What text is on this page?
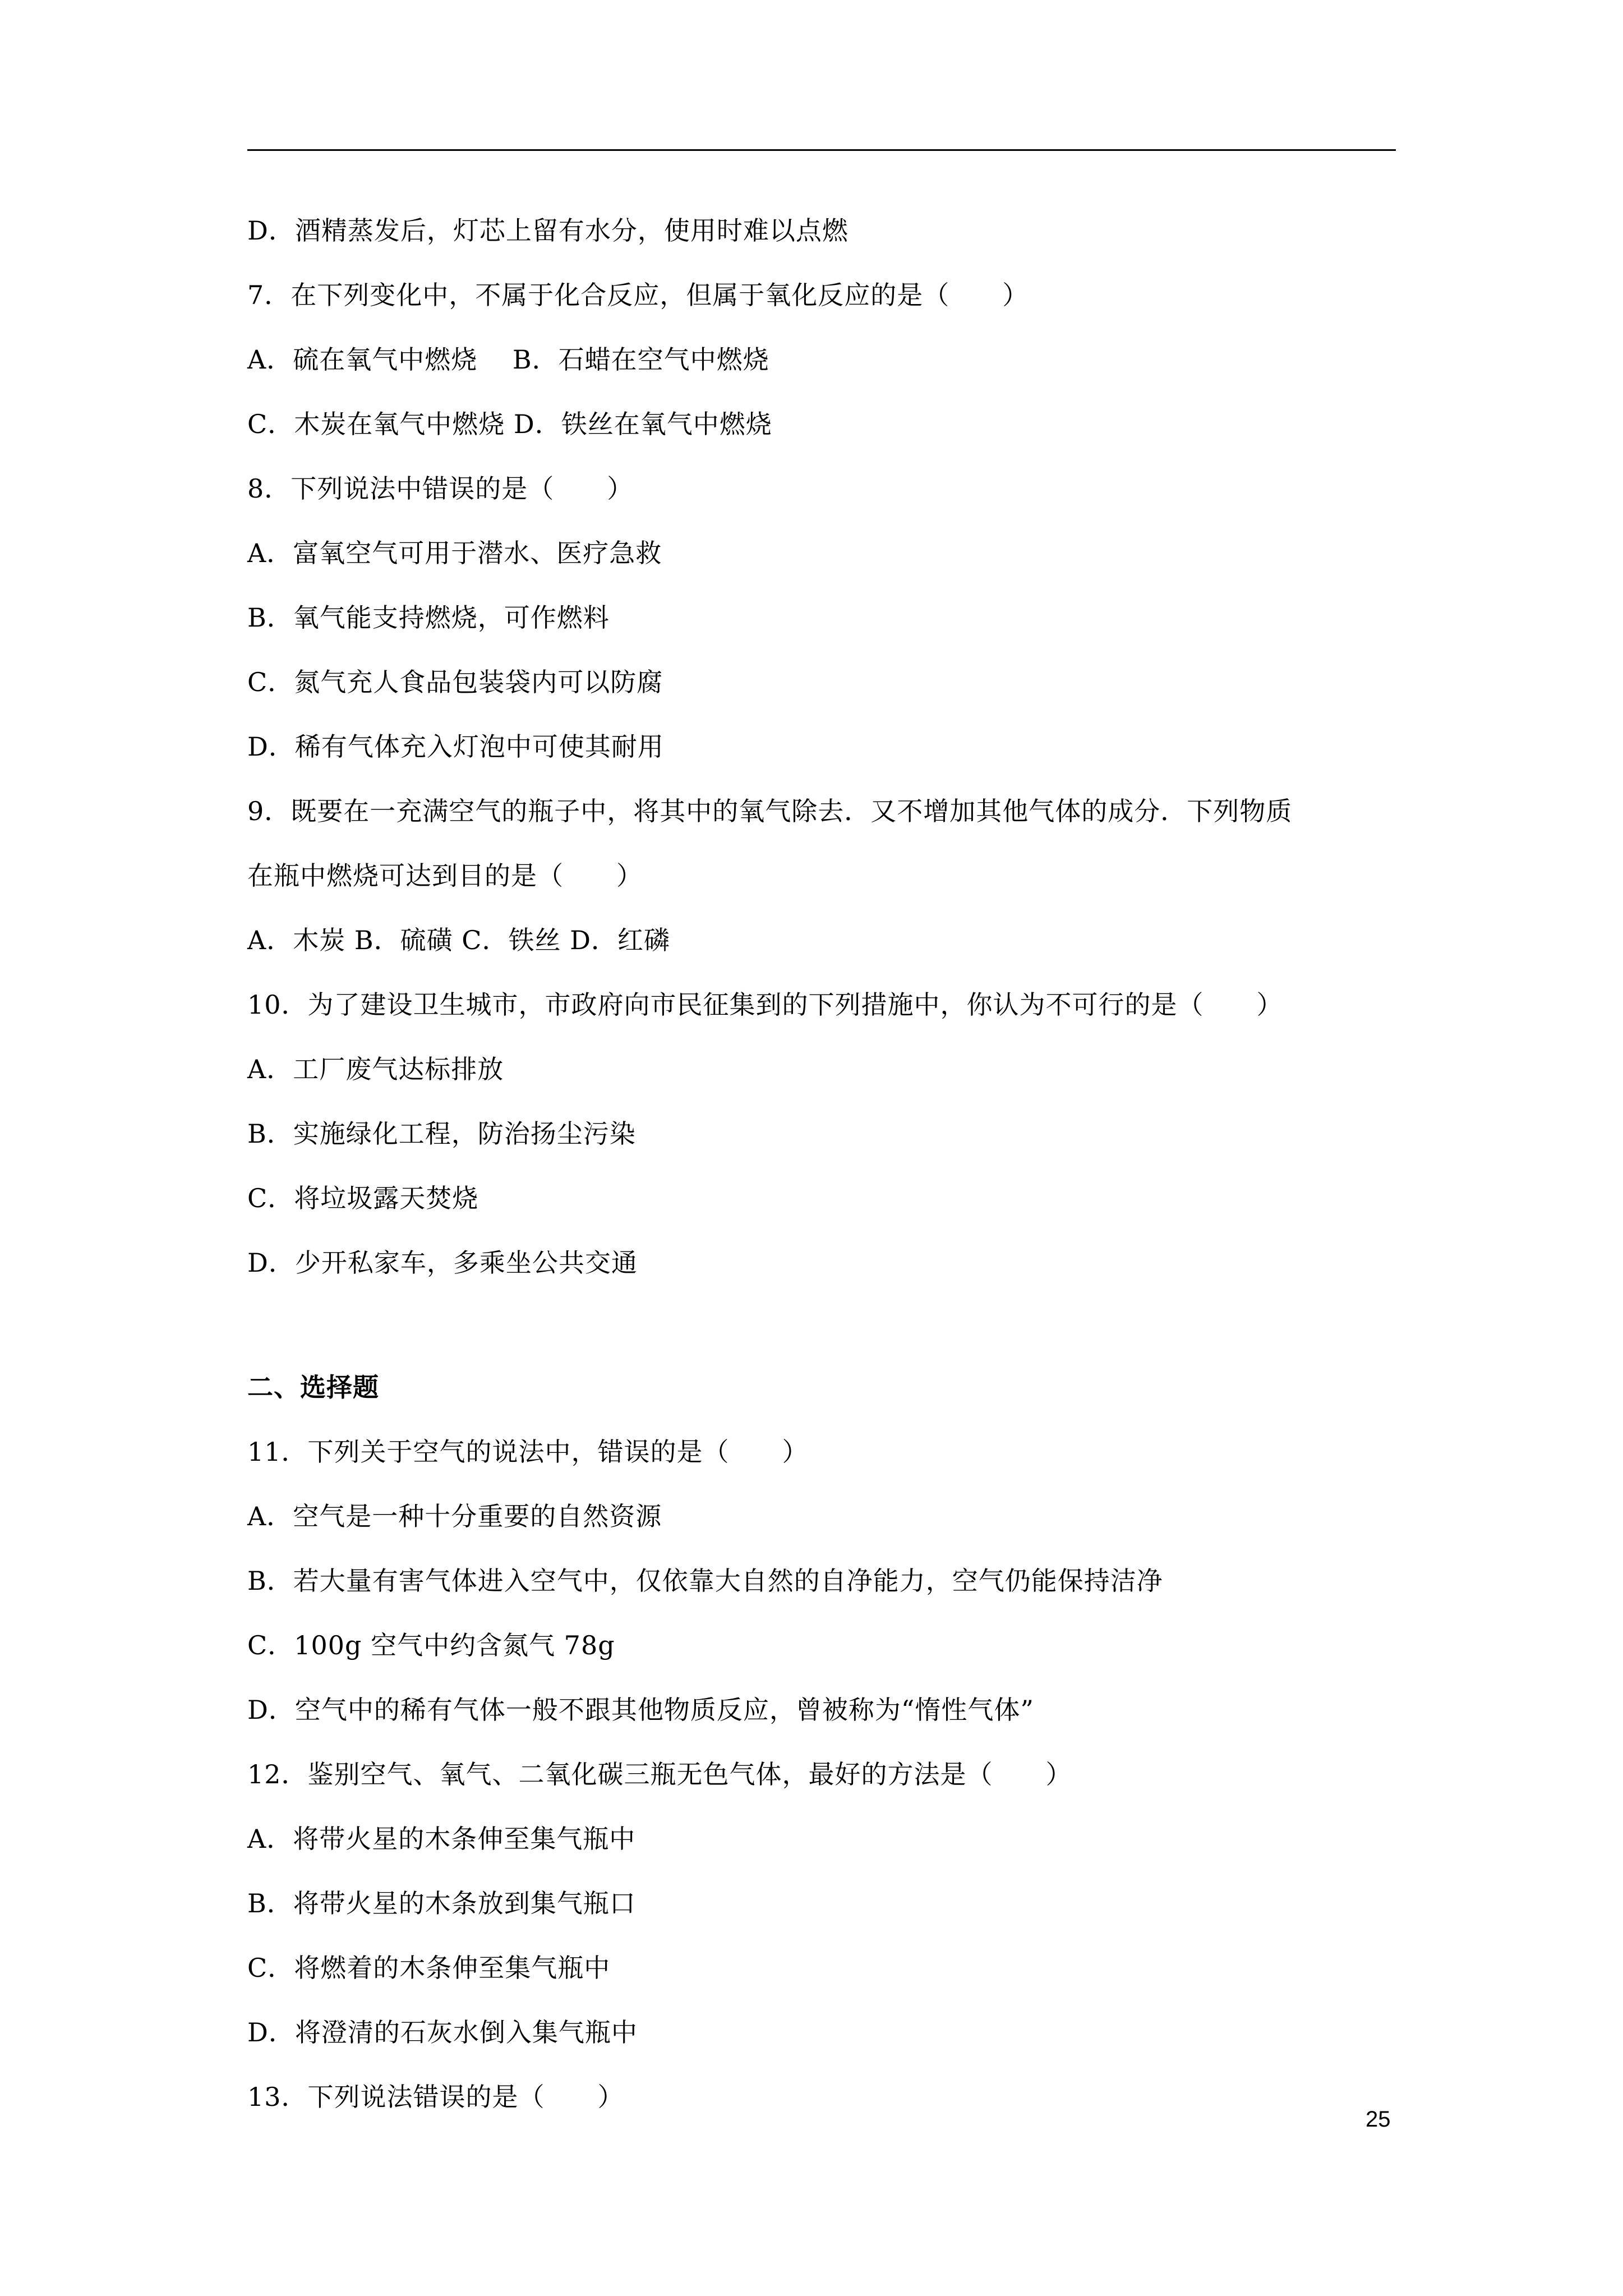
D．酒精蒸发后，灯芯上留有水分，使用时难以点燃
7．在下列变化中，不属于化合反应，但属于氧化反应的是（　　）
A．硫在氧气中燃烧　 B．石蜡在空气中燃烧
C．木炭在氧气中燃烧 D．铁丝在氧气中燃烧
8．下列说法中错误的是（　　）
A．富氧空气可用于潜水、医疗急救
B．氧气能支持燃烧，可作燃料
C．氮气充人食品包装袋内可以防腐
D．稀有气体充入灯泡中可使其耐用
9．既要在一充满空气的瓶子中，将其中的氧气除去．又不增加其他气体的成分．下列物质
在瓶中燃烧可达到目的是（　　）
A．木炭 B．硫磺 C．铁丝 D．红磷
10．为了建设卫生城市，市政府向市民征集到的下列措施中，你认为不可行的是（　　）
A．工厂废气达标排放
B．实施绿化工程，防治扬尘污染
C．将垃圾露天焚烧
D．少开私家车，多乘坐公共交通
二、选择题
11．下列关于空气的说法中，错误的是（　　）
A．空气是一种十分重要的自然资源
B．若大量有害气体进入空气中，仅依靠大自然的自净能力，空气仍能保持洁净
C．100g 空气中约含氮气 78g
D．空气中的稀有气体一般不跟其他物质反应，曾被称为“惰性气体”
12．鉴别空气、氧气、二氧化碳三瓶无色气体，最好的方法是（　　）
A．将带火星的木条伸至集气瓶中
B．将带火星的木条放到集气瓶口
C．将燃着的木条伸至集气瓶中
D．将澄清的石灰水倒入集气瓶中
13．下列说法错误的是（　　）
25
